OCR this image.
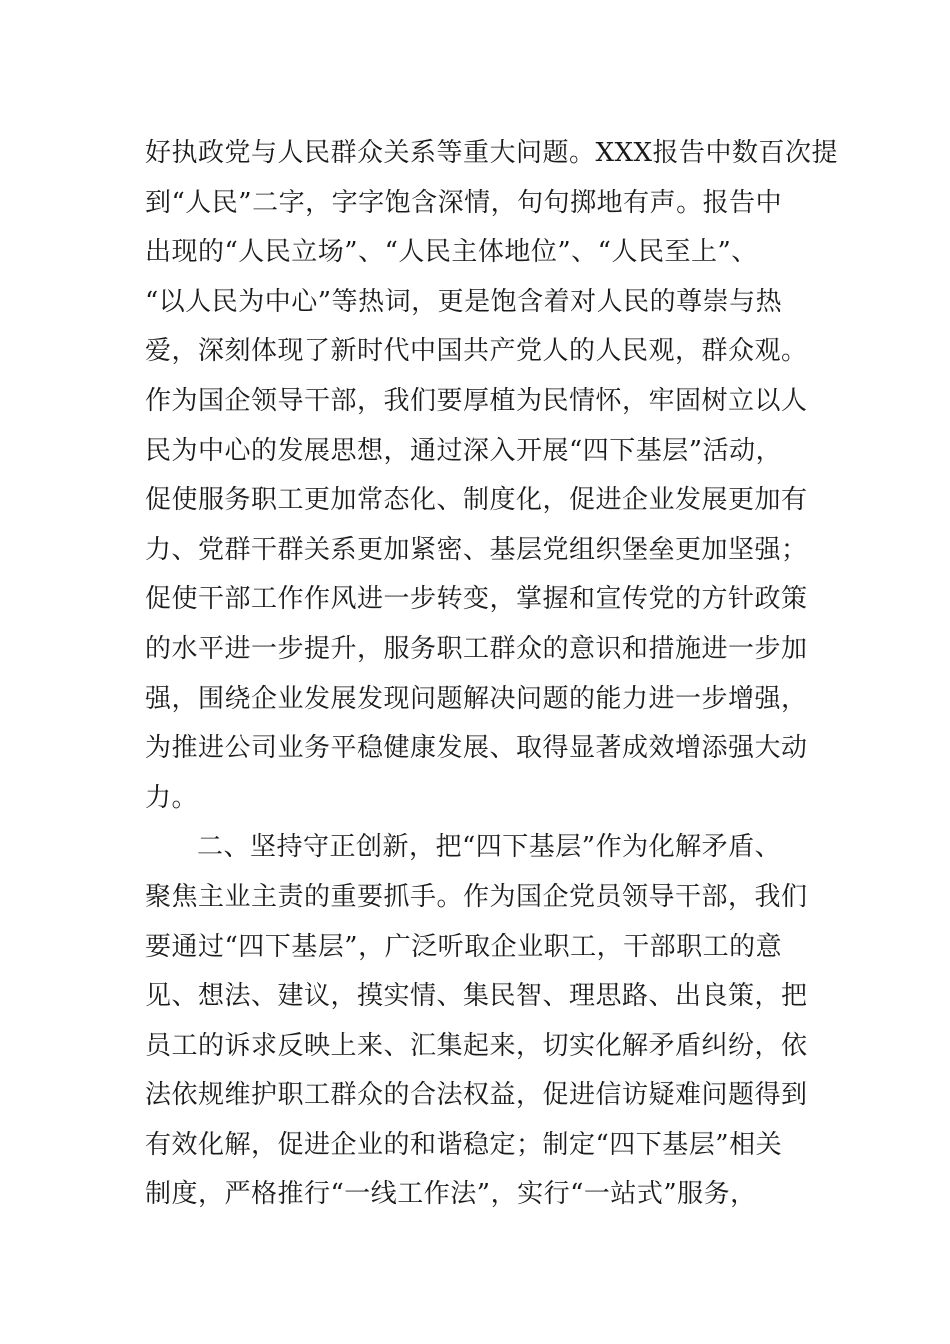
好执政党与人民群众关系等重大问题。XXX报告中数百次提
到“人民”二字，字字饱含深情，句句掷地有声。报告中
出现的“人民立场”、“人民主体地位”、“人民至上”、
“以人民为中心”等热词，更是饱含着对人民的尊崇与热
爱，深刻体现了新时代中国共产党人的人民观，群众观。
作为国企领导干部，我们要厚植为民情怀，牢固树立以人
民为中心的发展思想，通过深入开展“四下基层”活动，
促使服务职工更加常态化、制度化，促进企业发展更加有
力、党群干群关系更加紧密、基层党组织堡垒更加坚强；
促使干部工作作风进一步转变，掌握和宣传党的方针政策
的水平进一步提升，服务职工群众的意识和措施进一步加
强，围绕企业发展发现问题解决问题的能力进一步增强，
为推进公司业务平稳健康发展、取得显著成效增添强大动
力。
二、坚持守正创新，把“四下基层”作为化解矛盾、
聚焦主业主责的重要抓手。作为国企党员领导干部，我们
要通过“四下基层”，广泛听取企业职工，干部职工的意
见、想法、建议，摸实情、集民智、理思路、出良策，把
员工的诉求反映上来、汇集起来，切实化解矛盾纠纷，依
法依规维护职工群众的合法权益，促进信访疑难问题得到
有效化解，促进企业的和谐稳定；制定“四下基层”相关
制度，严格推行“一线工作法”，实行“一站式”服务，
